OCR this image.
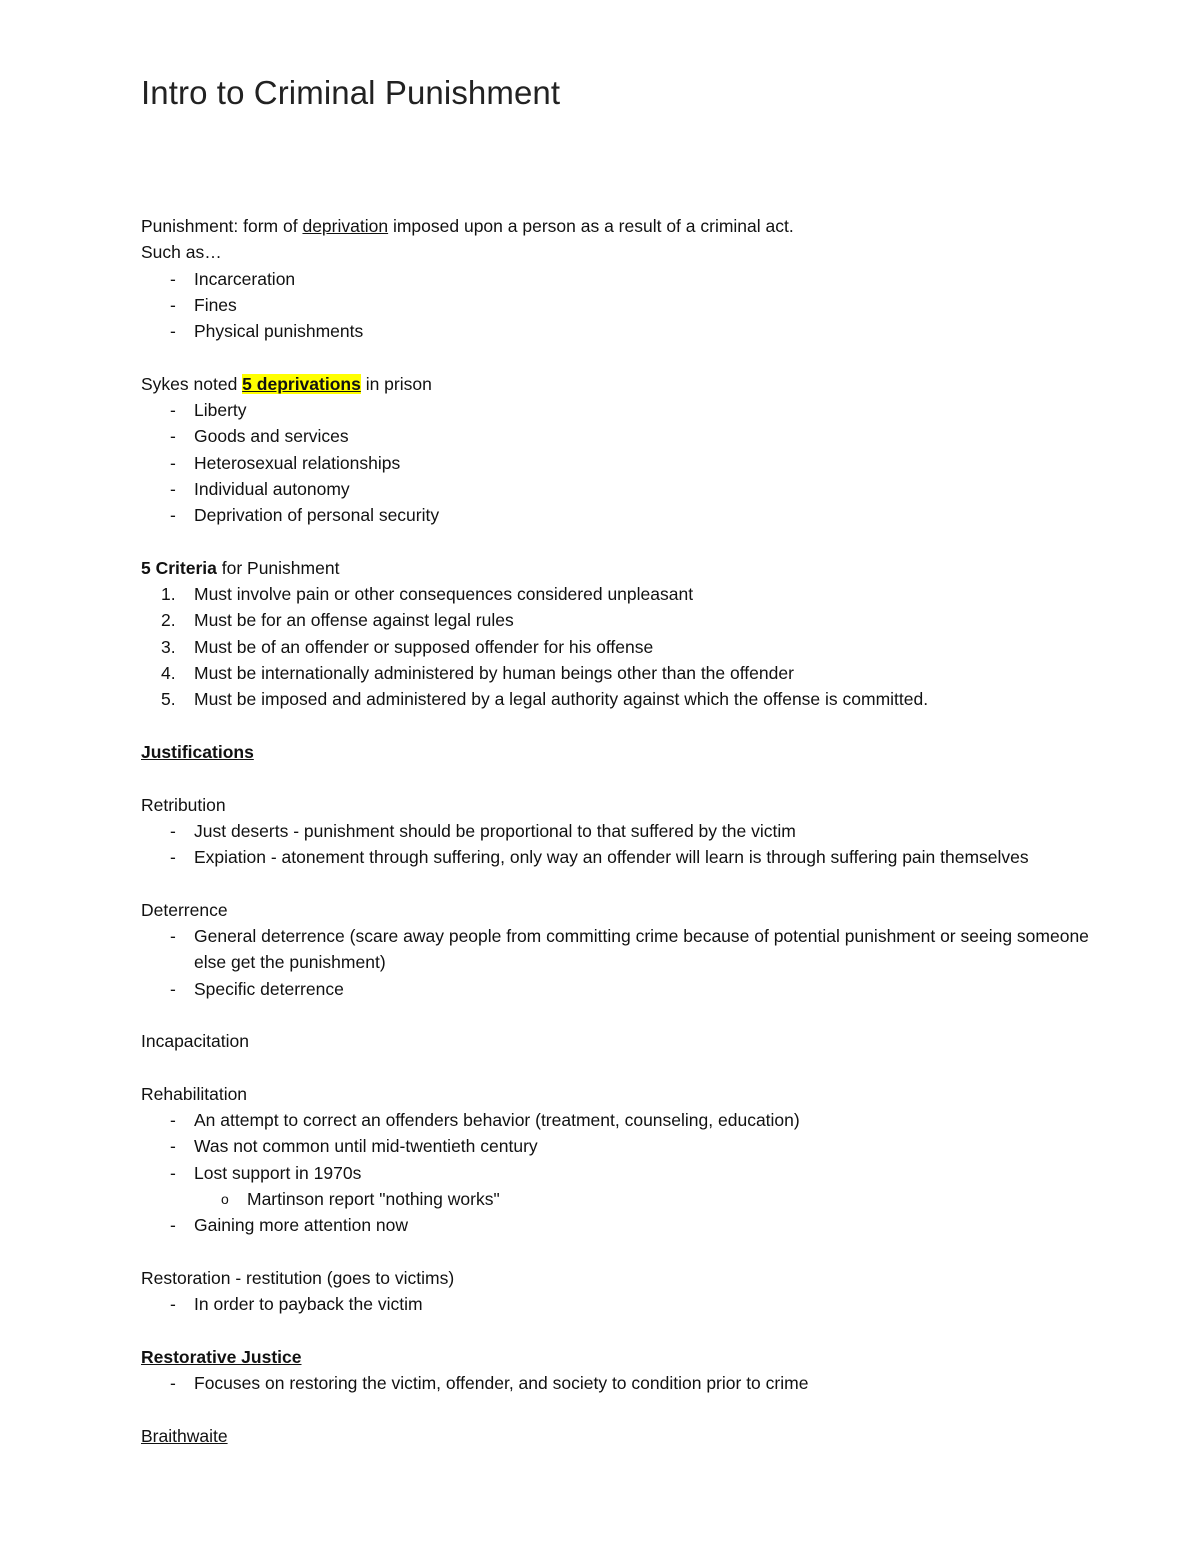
Intro to Criminal Punishment

Punishment: form of deprivation imposed upon a person as a result of a criminal act.

Such as…

- Incarceration
- Fines
- Physical punishments

Sykes noted 5 deprivations in prison

- Liberty
- Goods and services
- Heterosexual relationships
- Individual autonomy
- Deprivation of personal security

5 Criteria for Punishment

1. Must involve pain or other consequences considered unpleasant
2. Must be for an offense against legal rules
3. Must be of an offender or supposed offender for his offense
4. Must be internationally administered by human beings other than the offender
5. Must be imposed and administered by a legal authority against which the offense is committed.

Justifications

Retribution

- Just deserts - punishment should be proportional to that suffered by the victim
- Expiation - atonement through suffering, only way an offender will learn is through suffering pain themselves

Deterrence

- General deterrence (scare away people from committing crime because of potential punishment or seeing someone else get the punishment)
- Specific deterrence

Incapacitation

Rehabilitation

- An attempt to correct an offenders behavior (treatment, counseling, education)
- Was not common until mid-twentieth century
- Lost support in 1970s
o Martinson report "nothing works"
- Gaining more attention now

Restoration - restitution (goes to victims)

- In order to payback the victim

Restorative Justice

- Focuses on restoring the victim, offender, and society to condition prior to crime

Braithwaite
